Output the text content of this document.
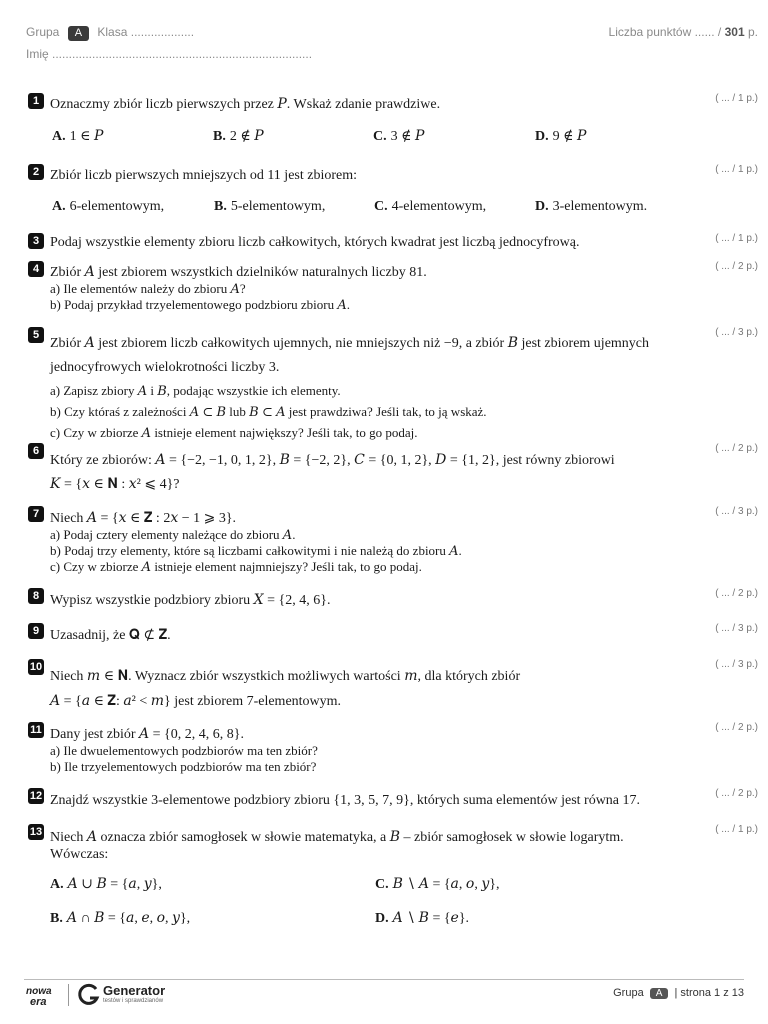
Grupa A Klasa ...................	Liczba punktów ...... / 301 p.
Imię ..............................................................................
1	( ... / 1 p.)
Oznaczmy zbiór liczb pierwszych przez 𝑃. Wskaż zdanie prawdziwe.
A. 1 ∈ 𝑃	B. 2 ∉ 𝑃	C. 3 ∉ 𝑃	D. 9 ∉ 𝑃
2	( ... / 1 p.)
Zbiór liczb pierwszych mniejszych od 11 jest zbiorem:
A. 6-elementowym,	B. 5-elementowym,	C. 4-elementowym,	D. 3-elementowym.
3	( ... / 1 p.)
Podaj wszystkie elementy zbioru liczb całkowitych, których kwadrat jest liczbą jednocyfrową.
4	( ... / 2 p.)
Zbiór 𝐴 jest zbiorem wszystkich dzielników naturalnych liczby 81.
a) Ile elementów należy do zbioru 𝐴?
b) Podaj przykład trzyelementowego podzbioru zbioru 𝐴.
5	( ... / 3 p.)
Zbiór 𝐴 jest zbiorem liczb całkowitych ujemnych, nie mniejszych niż −9, a zbiór 𝐵 jest zbiorem ujemnych
jednocyfrowych wielokrotności liczby 3.
a) Zapisz zbiory 𝐴 i 𝐵, podając wszystkie ich elementy.
b) Czy któraś z zależności 𝐴 ⊂ 𝐵 lub 𝐵 ⊂ 𝐴 jest prawdziwa? Jeśli tak, to ją wskaż.
c) Czy w zbiorze 𝐴 istnieje element największy? Jeśli tak, to go podaj.
6	( ... / 2 p.)
Który ze zbiorów: 𝐴 = {−2, −1, 0, 1, 2}, 𝐵 = {−2, 2}, 𝐶 = {0, 1, 2}, 𝐷 = {1, 2}, jest równy zbiorowi
𝐾 = {𝑥 ∈ 𝐍 : 𝑥² ⩽ 4}?
7	( ... / 3 p.)
Niech 𝐴 = {𝑥 ∈ 𝐙 : 2𝑥 − 1 ⩾ 3}.
a) Podaj cztery elementy należące do zbioru 𝐴.
b) Podaj trzy elementy, które są liczbami całkowitymi i nie należą do zbioru 𝐴.
c) Czy w zbiorze 𝐴 istnieje element najmniejszy? Jeśli tak, to go podaj.
8	( ... / 2 p.)
Wypisz wszystkie podzbiory zbioru 𝑋 = {2, 4, 6}.
9	( ... / 3 p.)
Uzasadnij, że 𝐐 ⊄ 𝐙.
10	( ... / 3 p.)
Niech 𝑚 ∈ 𝐍. Wyznacz zbiór wszystkich możliwych wartości 𝑚, dla których zbiór
𝐴 = {𝑎 ∈ 𝐙: 𝑎² < 𝑚} jest zbiorem 7-elementowym.
11	( ... / 2 p.)
Dany jest zbiór 𝐴 = {0, 2, 4, 6, 8}.
a) Ile dwuelementowych podzbiorów ma ten zbiór?
b) Ile trzyelementowych podzbiorów ma ten zbiór?
12	( ... / 2 p.)
Znajdź wszystkie 3-elementowe podzbiory zbioru {1, 3, 5, 7, 9}, których suma elementów jest równa 17.
13	( ... / 1 p.)
Niech 𝐴 oznacza zbiór samogłosek w słowie matematyka, a 𝐵 – zbiór samogłosek w słowie logarytm.
Wówczas:
A. 𝐴 ∪ 𝐵 = {𝑎, 𝑦},	C. 𝐵 ∖ 𝐴 = {𝑎, 𝑜, 𝑦},
B. 𝐴 ∩ 𝐵 = {𝑎, 𝑒, 𝑜, 𝑦},	D. 𝐴 ∖ 𝐵 = {𝑒}.
nowa
era
Generator
testów i sprawdzianów
Grupa A | strona 1 z 13
